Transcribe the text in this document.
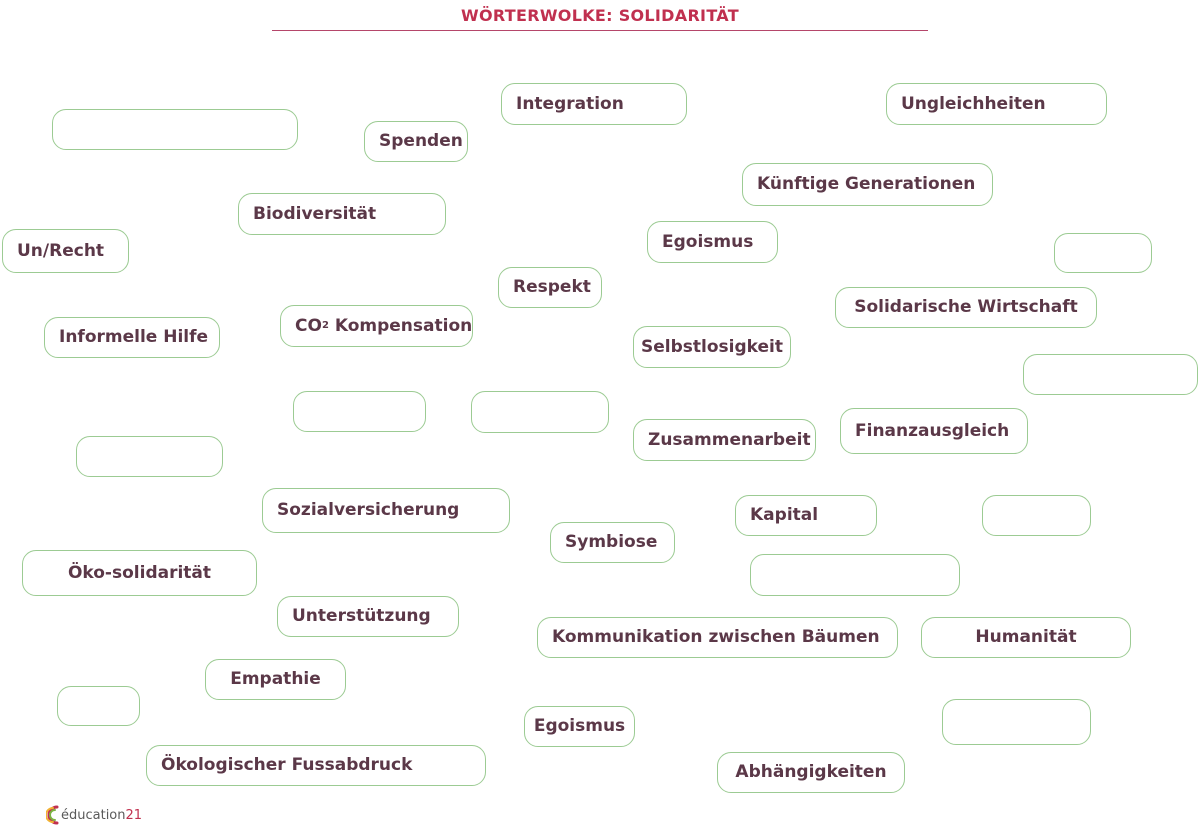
WÖRTERWOLKE: SOLIDARITÄT
Integration	Ungleichheiten
Spenden
Künftige Generationen
Biodiversität
Egoismus
Un/Recht
Respekt
Solidarische Wirtschaft
Informelle Hilfe
CO 2 Kompensation
Selbstlosigkeit
Zusammenarbeit	Finanzausgleich
Sozialversicherung	Kapital
Symbiose
Öko-solidarität
Unterstützung
Kommunikation zwischen Bäumen	Humanität
Empathie
Egoismus
Ökologischer Fussabdruck	Abhängigkeiten
éducation21
